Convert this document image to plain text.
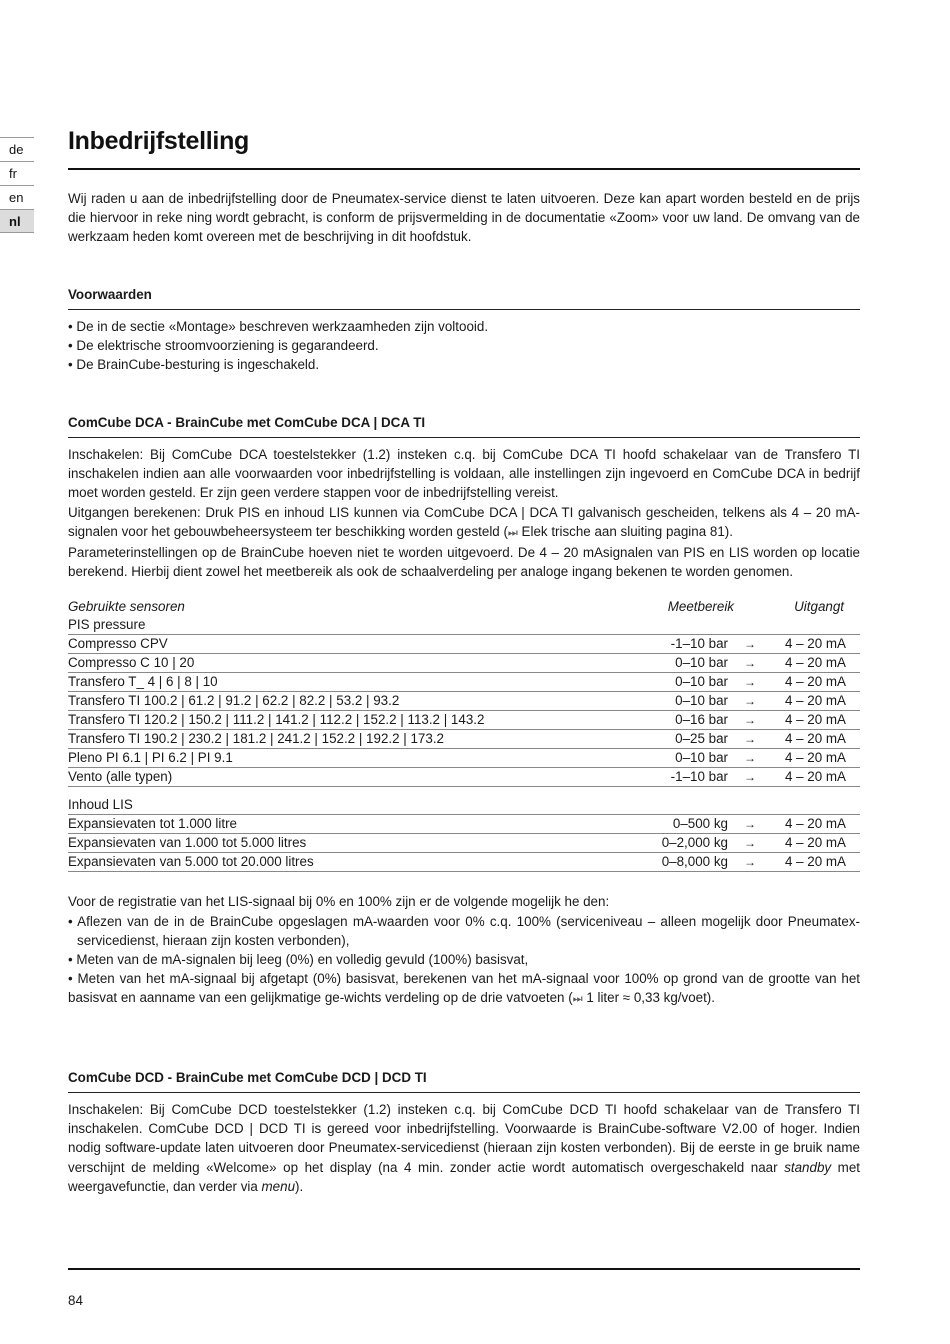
de
fr
en
nl
Inbedrijfstelling

Wij raden u aan de inbedrijfstelling door de Pneumatex-service dienst te laten uitvoeren. Deze kan apart worden besteld en de prijs die hiervoor in reke ning wordt gebracht, is conform de prijsvermelding in de documentatie «Zoom» voor uw land. De omvang van de werkzaam heden komt overeen met de beschrijving in dit hoofdstuk.

Voorwaarden
• De in de sectie «Montage» beschreven werkzaamheden zijn voltooid.
• De elektrische stroomvoorziening is gegarandeerd.
• De BrainCube-besturing is ingeschakeld.
ComCube DCA - BrainCube met ComCube DCA | DCA TI

Inschakelen: Bij ComCube DCA toestelstekker (1.2) insteken c.q. bij ComCube DCA TI hoofd schakelaar van de Transfero TI inschakelen indien aan alle voorwaarden voor inbedrijfstelling is voldaan, alle instellingen zijn ingevoerd en ComCube DCA in bedrijf moet worden gesteld. Er zijn geen verdere stappen voor de inbedrijfstelling vereist.

Uitgangen berekenen: Druk PIS en inhoud LIS kunnen via ComCube DCA | DCA TI galvanisch gescheiden, telkens als 4 – 20 mA-signalen voor het gebouwbeheersysteem ter beschikking worden gesteld (⏭ Elek trische aan sluiting pagina 81).

Parameterinstellingen op de BrainCube hoeven niet te worden uitgevoerd. De 4 – 20 mAsignalen van PIS en LIS worden op locatie berekend. Hierbij dient zowel het meetbereik als ook de schaalverdeling per analoge ingang bekenen te worden genomen.

Gebruikte sensoren	Meetbereik		Uitgangt
PIS pressure			
Compresso CPV	-1–10 bar	→	4 – 20 mA
Compresso C 10 | 20	0–10 bar	→	4 – 20 mA
Transfero T_ 4 | 6 | 8 | 10	0–10 bar	→	4 – 20 mA
Transfero TI 100.2 | 61.2 | 91.2 | 62.2 | 82.2 | 53.2 | 93.2	0–10 bar	→	4 – 20 mA
Transfero TI 120.2 | 150.2 | 111.2 | 141.2 | 112.2 | 152.2 | 113.2 | 143.2	0–16 bar	→	4 – 20 mA
Transfero TI 190.2 | 230.2 | 181.2 | 241.2 | 152.2 | 192.2 | 173.2	0–25 bar	→	4 – 20 mA
Pleno PI 6.1 | PI 6.2 | PI 9.1	0–10 bar	→	4 – 20 mA
Vento (alle typen)	-1–10 bar	→	4 – 20 mA

Inhoud LIS			
Expansievaten tot 1.000 litre	0–500 kg	→	4 – 20 mA
Expansievaten van 1.000 tot 5.000 litres	0–2,000 kg	→	4 – 20 mA
Expansievaten van 5.000 tot 20.000 litres	0–8,000 kg	→	4 – 20 mA

Voor de registratie van het LIS-signaal bij 0% en 100% zijn er de volgende mogelijk he den:

• Aflezen van de in de BrainCube opgeslagen mA-waarden voor 0% c.q. 100% (serviceniveau – alleen mogelijk door Pneumatex-servicedienst, hieraan zijn kosten verbonden),
• Meten van de mA-signalen bij leeg (0%) en volledig gevuld (100%) basisvat,

• Meten van het mA-signaal bij afgetapt (0%) basisvat, berekenen van het mA-signaal voor 100% op grond van de grootte van het basisvat en aanname van een gelijkmatige ge-wichts verdeling op de drie vatvoeten (⏭ 1 liter ≈ 0,33 kg/voet).

ComCube DCD - BrainCube met ComCube DCD | DCD TI

Inschakelen: Bij ComCube DCD toestelstekker (1.2) insteken c.q. bij ComCube DCD TI hoofd schakelaar van de Transfero TI inschakelen. ComCube DCD | DCD TI is gereed voor inbedrijfstelling. Voorwaarde is BrainCube-software V2.00 of hoger. Indien nodig software-update laten uitvoeren door Pneumatex-servicedienst (hieraan zijn kosten verbonden). Bij de eerste in ge bruik name verschijnt de melding «Welcome» op het display (na 4 min. zonder actie wordt automatisch overgeschakeld naar standby met weergavefunctie, dan verder via menu).

84
